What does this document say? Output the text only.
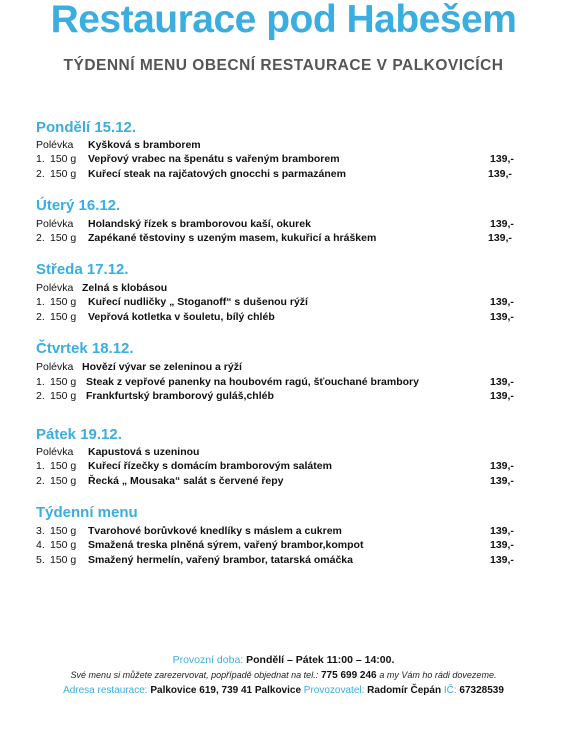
Restaurace pod Habešem
TÝDENNÍ MENU OBECNÍ RESTAURACE V PALKOVICÍCH
Pondělí 15.12.
Polévka Kyšková s bramborem
1. 150 g Vepřový vrabec na špenátu s vařeným bramborem	139,-
2. 150 g Kuřecí steak na rajčatových gnocchi s parmazánem	139,-
Úterý 16.12.
Polévka Holandský řízek s bramborovou kaší, okurek	139,-
2. 150 g Zapékané těstoviny s uzeným masem, kukuřicí a hráškem	139,-
Středa 17.12.
Polévka Zelná s klobásou
1. 150 g Kuřecí nudličky „ Stoganoff“ s dušenou rýží	139,-
2. 150 g Vepřová kotletka v šouletu, bílý chléb	139,-
Čtvrtek 18.12.
Polévka Hovězí vývar se zeleninou a rýží
1. 150 g Steak z vepřové panenky na houbovém ragú, šťouchané brambory	139,-
2. 150 g Frankfurtský bramborový guláš,chléb	139,-
Pátek 19.12.
Polévka Kapustová s uzeninou
1. 150 g Kuřecí řízečky s domácím bramborovým salátem	139,-
2. 150 g Řecká „ Mousaka“ salát s červené řepy	139,-
Týdenní menu
3. 150 g Tvarohové borůvkové knedlíky s máslem a cukrem	139,-
4. 150 g Smažená treska plněná sýrem, vařený brambor,kompot	139,-
5. 150 g Smažený hermelín, vařený brambor, tatarská omáčka	139,-
Provozní doba: Pondělí – Pátek 11:00 – 14:00.
Své menu si můžete zarezervovat, popřípadě objednat na tel.: 775 699 246 a my Vám ho rádi dovezeme.
Adresa restaurace: Palkovice 619, 739 41 Palkovice Provozovatel: Radomír Čepán IČ: 67328539
